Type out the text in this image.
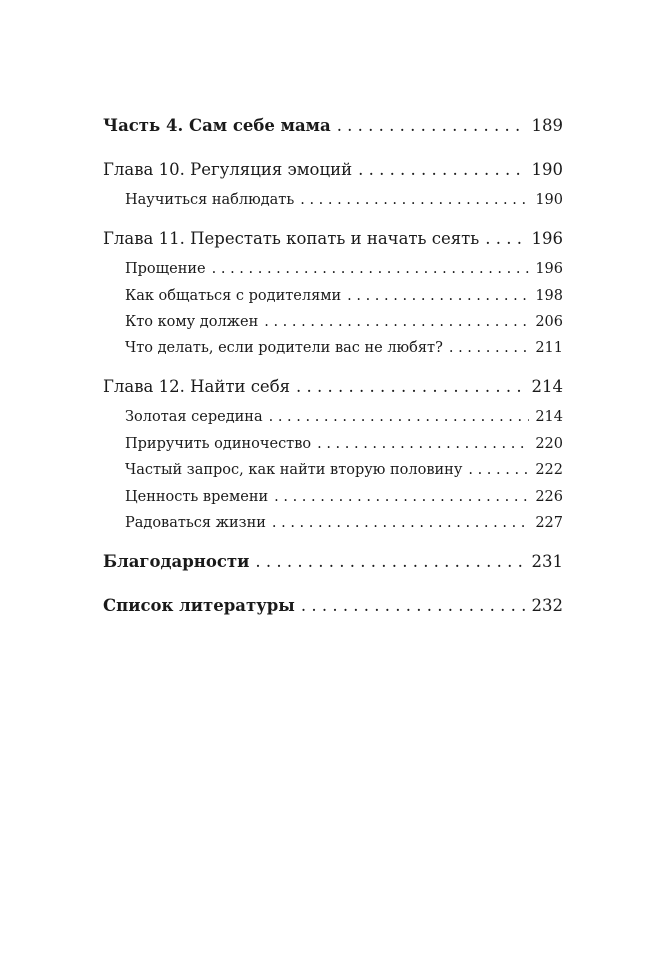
Часть 4. Сам себе мама . . .	189
Глава 10. Регуляция эмоций . . .	190
Научиться наблюдать . . .	190
Глава 11. Перестать копать и начать сеять . . .	196
Прощение . . .	196
Как общаться с родителями . . .	198
Кто кому должен . . .	206
Что делать, если родители вас не любят? . . .	211
Глава 12. Найти себя . . .	214
Золотая середина . . .	214
Приручить одиночество . . .	220
Частый запрос, как найти вторую половину . . .	222
Ценность времени . . .	226
Радоваться жизни . . .	227
Благодарности . . .	231
Список литературы . . .	232
